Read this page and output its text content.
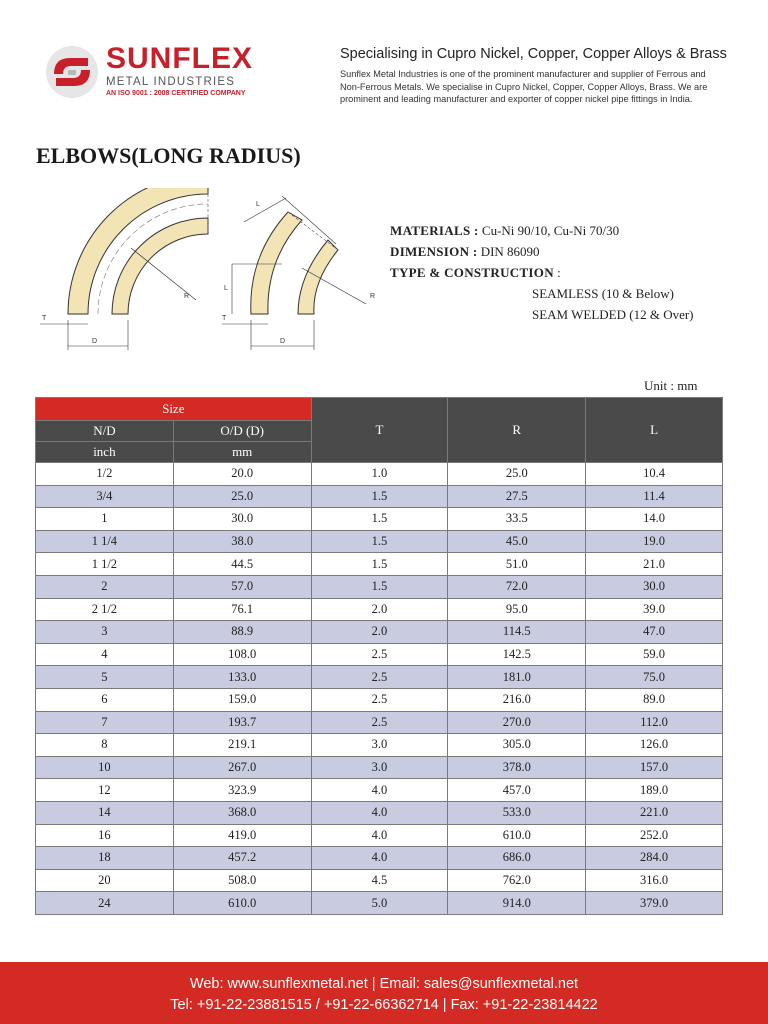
SUNFLEX
METAL INDUSTRIES
AN ISO 9001 : 2008 CERTIFIED COMPANY
Specialising in Cupro Nickel, Copper, Copper Alloys & Brass
Sunflex Metal Industries is one of the prominent manufacturer and supplier of Ferrous and Non-Ferrous Metals. We specialise in Cupro Nickel, Copper, Copper Alloys, Brass. We are prominent and leading manufacturer and exporter of copper nickel pipe fittings in India.
ELBOWS(LONG RADIUS)
T
D
R
T
D
R
L
L
MATERIALS : Cu-Ni 90/10, Cu-Ni 70/30
DIMENSION : DIN 86090
TYPE & CONSTRUCTION :
SEAMLESS (10 & Below)
SEAM WELDED (12 & Over)
Unit : mm
Size		T	R	L
N/D	O/D (D)			
inch	mm			
1/2	20.0	1.0	25.0	10.4
3/4	25.0	1.5	27.5	11.4
1	30.0	1.5	33.5	14.0
1 1/4	38.0	1.5	45.0	19.0
1 1/2	44.5	1.5	51.0	21.0
2	57.0	1.5	72.0	30.0
2 1/2	76.1	2.0	95.0	39.0
3	88.9	2.0	114.5	47.0
4	108.0	2.5	142.5	59.0
5	133.0	2.5	181.0	75.0
6	159.0	2.5	216.0	89.0
7	193.7	2.5	270.0	112.0
8	219.1	3.0	305.0	126.0
10	267.0	3.0	378.0	157.0
12	323.9	4.0	457.0	189.0
14	368.0	4.0	533.0	221.0
16	419.0	4.0	610.0	252.0
18	457.2	4.0	686.0	284.0
20	508.0	4.5	762.0	316.0
24	610.0	5.0	914.0	379.0
Web: www.sunflexmetal.net | Email: sales@sunflexmetal.net
Tel: +91-22-23881515 / +91-22-66362714 | Fax: +91-22-23814422
